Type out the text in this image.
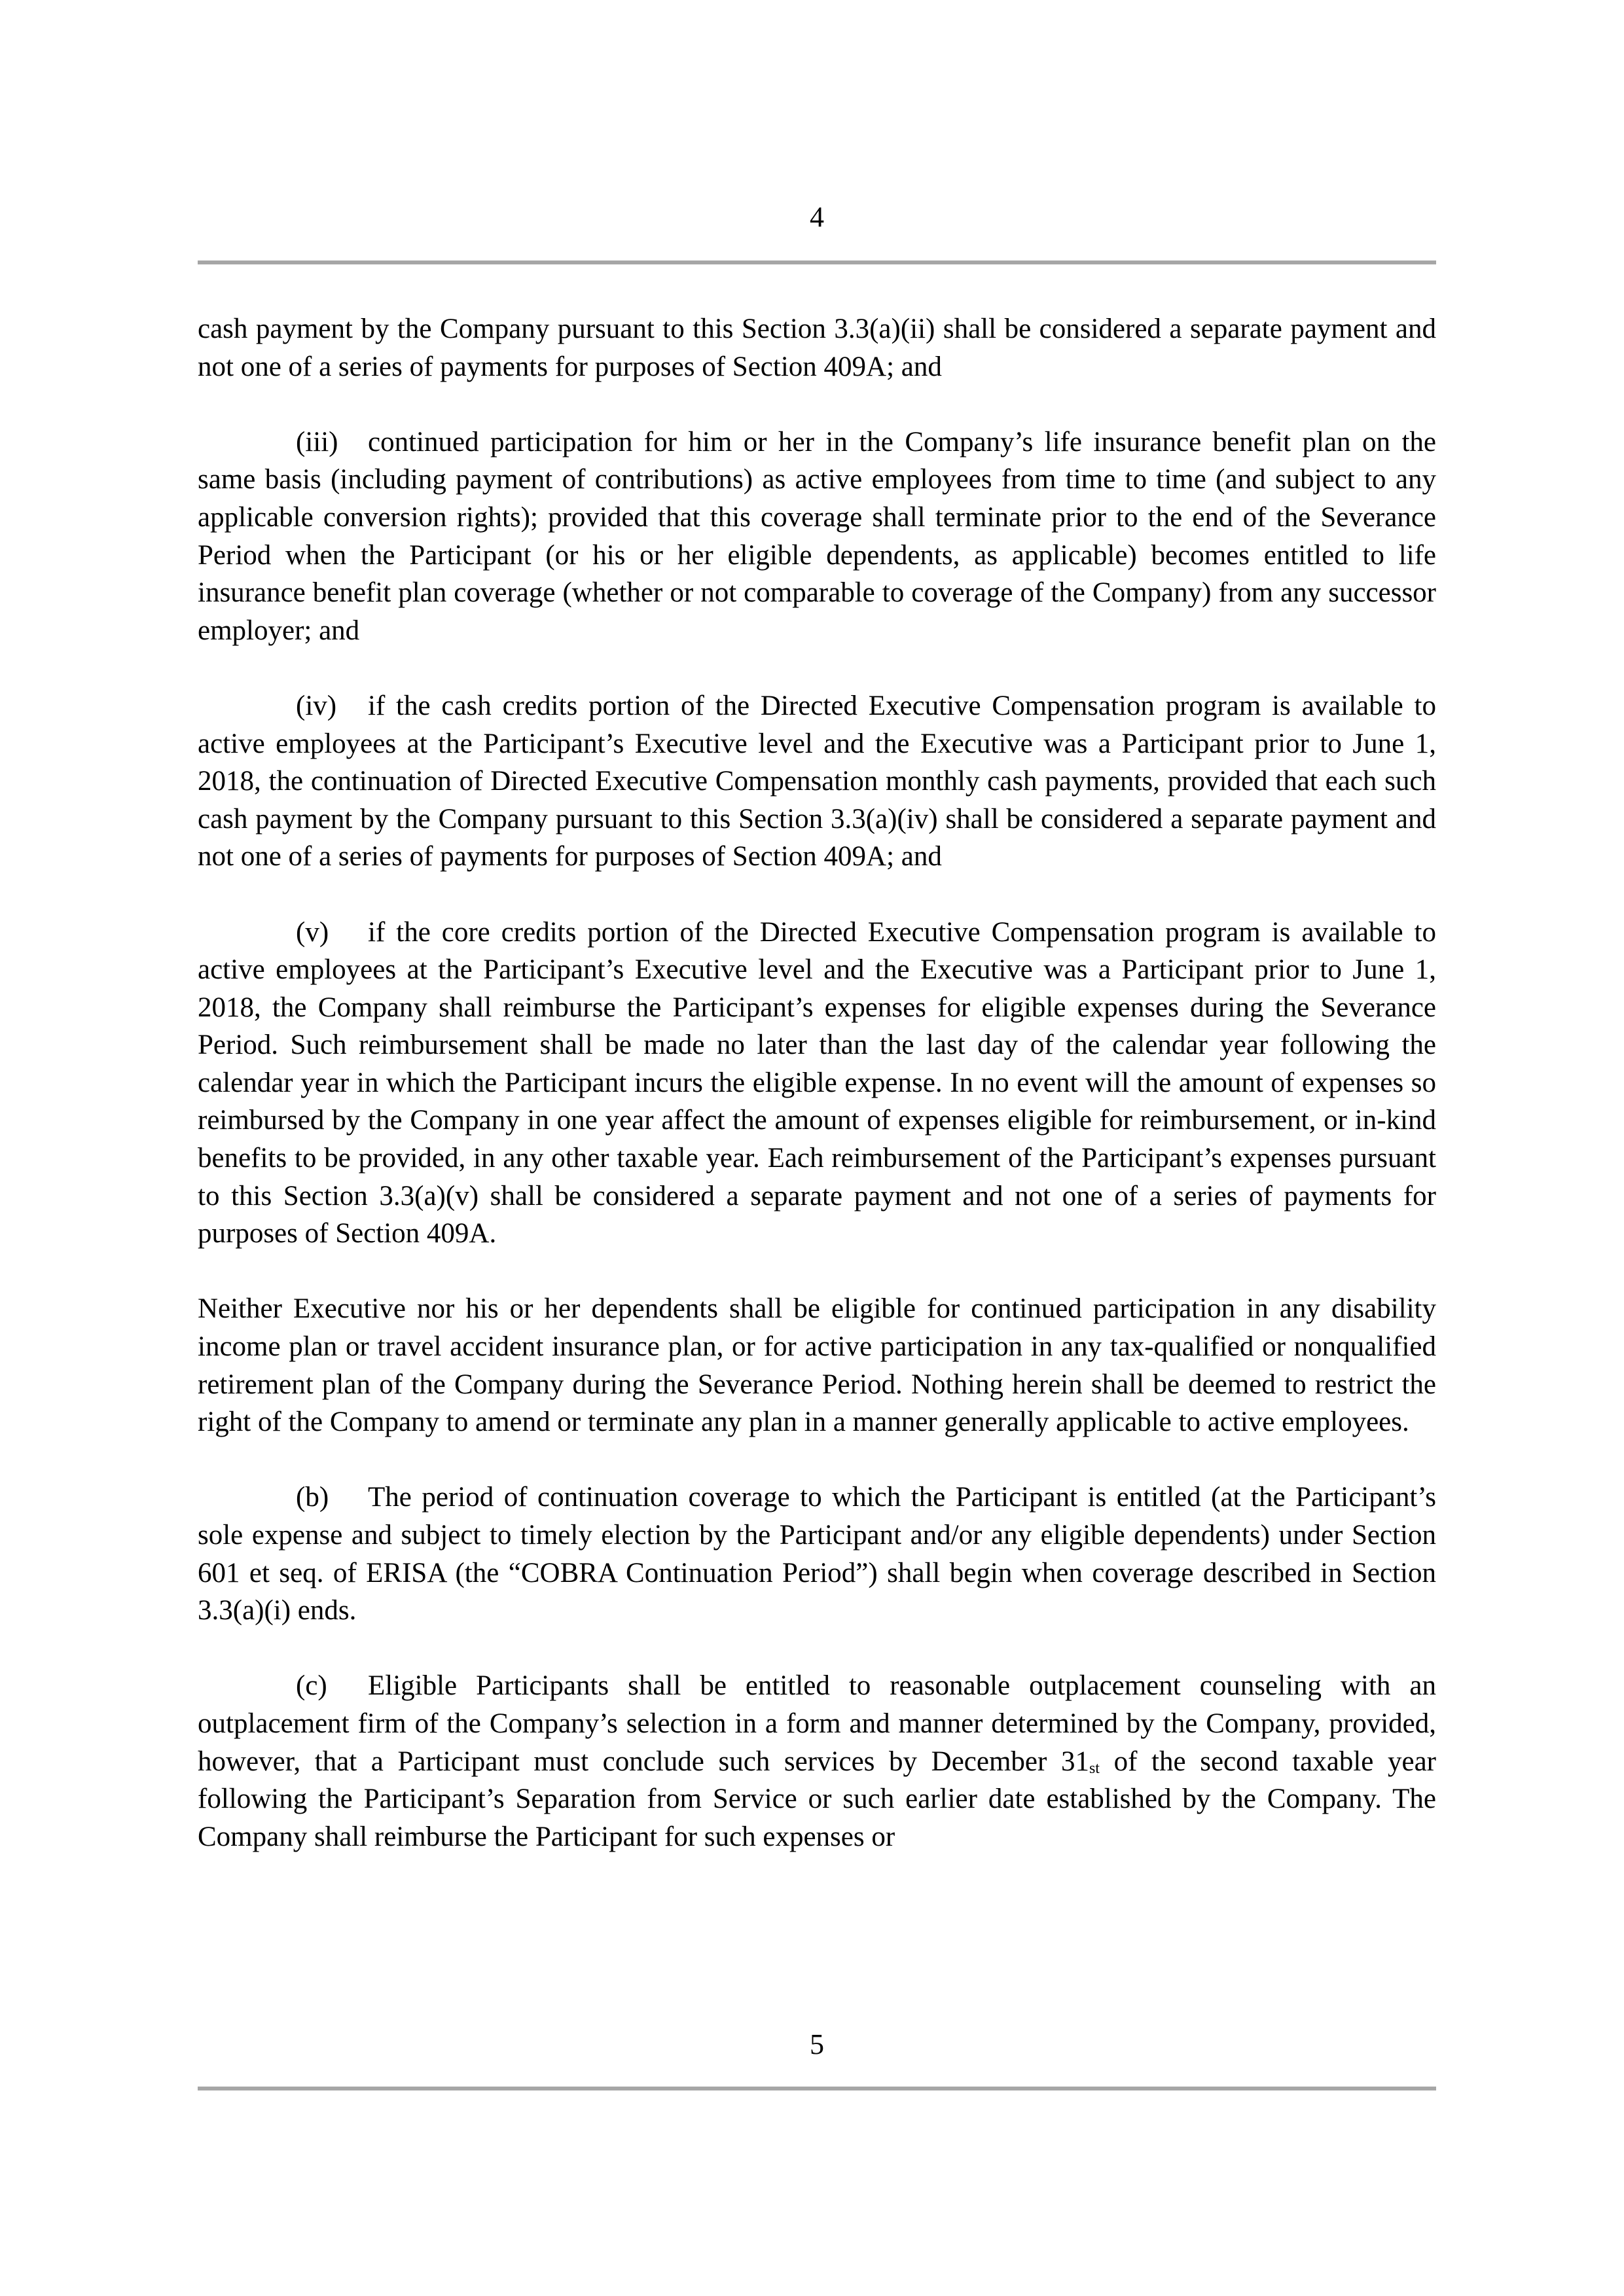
4

cash payment by the Company pursuant to this Section 3.3(a)(ii) shall be considered a separate payment and not one of a series of payments for purposes of Section 409A; and

(iii) continued participation for him or her in the Company’s life insurance benefit plan on the same basis (including payment of contributions) as active employees from time to time (and subject to any applicable conversion rights); provided that this coverage shall terminate prior to the end of the Severance Period when the Participant (or his or her eligible dependents, as applicable) becomes entitled to life insurance benefit plan coverage (whether or not comparable to coverage of the Company) from any successor employer; and

(iv) if the cash credits portion of the Directed Executive Compensation program is available to active employees at the Participant’s Executive level and the Executive was a Participant prior to June 1, 2018, the continuation of Directed Executive Compensation monthly cash payments, provided that each such cash payment by the Company pursuant to this Section 3.3(a)(iv) shall be considered a separate payment and not one of a series of payments for purposes of Section 409A; and

(v) if the core credits portion of the Directed Executive Compensation program is available to active employees at the Participant’s Executive level and the Executive was a Participant prior to June 1, 2018, the Company shall reimburse the Participant’s expenses for eligible expenses during the Severance Period. Such reimbursement shall be made no later than the last day of the calendar year following the calendar year in which the Participant incurs the eligible expense. In no event will the amount of expenses so reimbursed by the Company in one year affect the amount of expenses eligible for reimbursement, or in-kind benefits to be provided, in any other taxable year. Each reimbursement of the Participant’s expenses pursuant to this Section 3.3(a)(v) shall be considered a separate payment and not one of a series of payments for purposes of Section 409A.

Neither Executive nor his or her dependents shall be eligible for continued participation in any disability income plan or travel accident insurance plan, or for active participation in any tax-qualified or nonqualified retirement plan of the Company during the Severance Period. Nothing herein shall be deemed to restrict the right of the Company to amend or terminate any plan in a manner generally applicable to active employees.

(b) The period of continuation coverage to which the Participant is entitled (at the Participant’s sole expense and subject to timely election by the Participant and/or any eligible dependents) under Section 601 et seq. of ERISA (the “COBRA Continuation Period”) shall begin when coverage described in Section 3.3(a)(i) ends.

(c) Eligible Participants shall be entitled to reasonable outplacement counseling with an outplacement firm of the Company’s selection in a form and manner determined by the Company, provided, however, that a Participant must conclude such services by December 31st of the second taxable year following the Participant’s Separation from Service or such earlier date established by the Company. The Company shall reimburse the Participant for such expenses or

5
